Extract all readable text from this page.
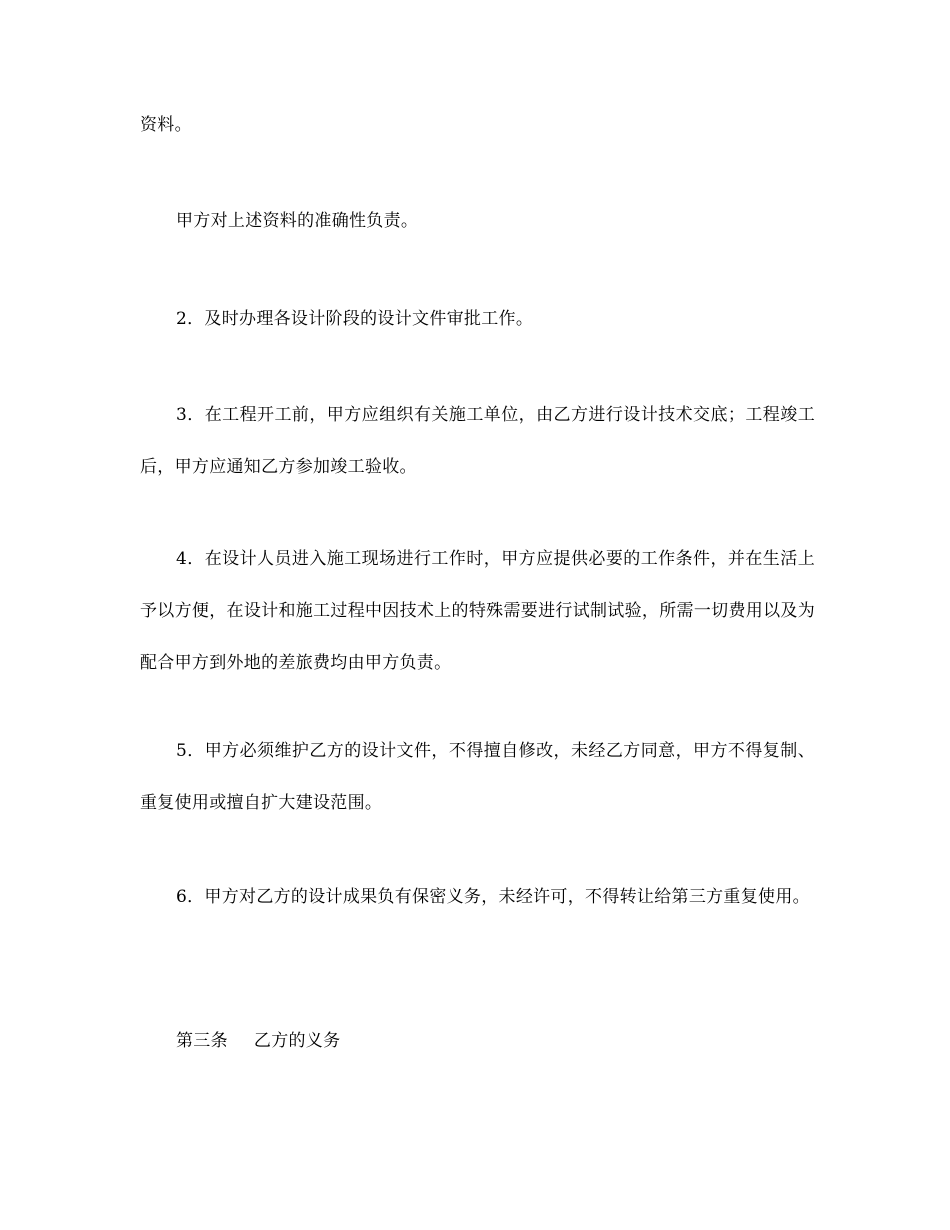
资料。

甲方对上述资料的准确性负责。

2．及时办理各设计阶段的设计文件审批工作。

3．在工程开工前，甲方应组织有关施工单位，由乙方进行设计技术交底；工程竣工后，甲方应通知乙方参加竣工验收。

4．在设计人员进入施工现场进行工作时，甲方应提供必要的工作条件，并在生活上予以方便，在设计和施工过程中因技术上的特殊需要进行试制试验，所需一切费用以及为配合甲方到外地的差旅费均由甲方负责。

5．甲方必须维护乙方的设计文件，不得擅自修改，未经乙方同意，甲方不得复制、重复使用或擅自扩大建设范围。

6．甲方对乙方的设计成果负有保密义务，未经许可，不得转让给第三方重复使用。

第三条 乙方的义务
